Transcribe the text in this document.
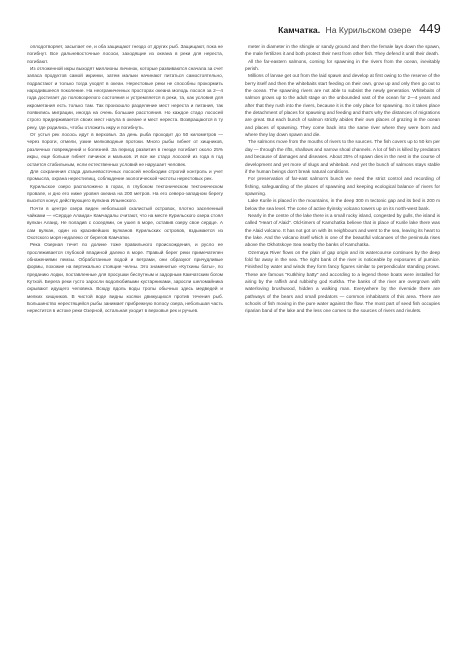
Камчатка.
На Курильском озере 449

оплодотворяет, засыпает ее, и оба защищают гнездо от других рыб. Защищают, пока не погибнут. Все дальневосточные лососи, заходящие из океана в реки для нереста, погибают.

Из отложенной икры выходят миллионы личинок, которые развиваются сначала за счет запаса продуктов самой икринки, затем мальки начинают питаться самостоятельно, подрастают и только тогда уходят в океан. Нерестовые реки не способны прокормить народившееся поколение. На неограниченных просторах океана молодь лосося за 2—4 года достигает до половозрелого состояния и устремляется в реки, та, как условия для икрометания есть только там. Так произошло разделение мест нереста и питания, так появились миграции, иногда на очень большие расстояния. Но каждое стадо лососей строго придерживается своих мест нагула в океане и мест нереста. Возвращаются в ту реку, где родились, чтобы отложить икру и погибнуть.

От устья рек лосось идут в верховья. За день рыба проходит до 50 километров — через пороги, отмели, узкие мелководные протоки. Много рыбы гибнет от хищников, различных повреждений и болезней. За период развития в гнезде погибает около 25% икры, еще больше гибнет личинок и мальков. И все же стадо лососей из года в год остается стабильным, если естественных условий не нарушает человек.

Для сохранения стада дальневосточных лососей необходим строгий контроль и учет промысла, охрана нерестилищ, соблюдение экологической чистоты нерестовых рек.

Курильское озеро расположено в горах, в глубоком тектоническом тектоническом провале, и дно его ниже уровня океана на 200 метров. На его северо-западном берегу высится конус действующего вулкана Ильинского.

Почти в центре озера виден небольшой скалистый островок, плотно заселенный чайками — «Сердце Алаида» Камчадалы считают, что на месте Курильского озера стоял вулкан Алаид. Не поладив с соседями, он ушел в море, оставив озеру свое сердце. А сам вулкан, один из красивейших вулканов Курильских островов, вздымается из Охотского моря недалеко от берегов Камчатки.

Река Озерная течет по долине тоже правильного происхождения, и русло ее прослеживается глубокой впадиной далеко в море. Правый берег реки примечателен обнажениями пемзы. Обработанные водой и ветрами, они образуют причудливые формы, похожие на вертикально стоящие челны. Это знаменитые «Кутхины баты», по преданию лодки, поставленные для просушки беспутным и задорным Камчатским богом Кутхой. Берега реки густо заросли водолюбивыми кустарниками, заросли шеломайника скрывают идущего человека. Всюду вдоль воды тропы обычных здесь медведей и мелких хищников. В чистой воде видны косяки движущихся против течения рыб. Большинство нерестящейся рыбы занимает прибрежную полосу озера, небольшая часть нерестится в истоке реки Озерной, остальная уходит в верховья рек и ручьев.

meter in diameter in the shingle or sandy ground and then the female lays down the spawn, the male fertilizes it and both protect their nest from other fish. They defend it until their death.

All the far-eastern salmons, coming for spawning in the rivers from the ocean, inevitably perish.

Millions of larvae get out from the laid spawn and develop at first owing to the reserve of the berry itself and then the whitebaits start feeding on their own, grow up and only then go out to the ocean. The spawning rivers are not able to subsist the newly generation. Whitebaits of salmon grows up to the adult stage on the unbounded vast of the ocean for 2—4 years and after that they rush into the rivers, because it is the only place for spawning. So it takes place the detachment of places for spawning and feeding and that's why the distances of migrations are great. But each bunch of salmon strictly abides their own places of grazing in the ocean and places of spawning. They come back into the same river where they were born and where they lay down spawn and die.

The salmons move from the mouths of rivers to the sources. The fish covers up to 50 km per day — through the rifts, shallows and narrow shoal channels. A lot of fish is killed by predators and because of damages and diseases. About 25% of spawn dies in the nest in the course of development and yet more of slugs and whitebait. And yet the bunch of salmons stays stable if the human beings don't break natural conditions.

For preservation of far-east salmon's bunch we need the strict control and recording of fishing, safeguarding of the places of spawning and keeping ecological balance of rivers for spawning.

Lake Kurile is placed in the mountains, in the deep 300 m tectonic gap and its bed is 200 m below the sea level. The cone of active Ilyinsky volcano towers up on its north-west bank.

Nearly in the centre of the lake there is a small rocky island, congested by gulls, the island is called "Heart of Alaid". Old-timers of Kamchatka believe that in place of Kurile lake there was the Alaid volcano. It has not got on with its neighbours and went to the sea, leaving its heart to the lake. And the volcano itself which is one of the beautiful volcanoes of the peninsula rises above the Okhotskoye Sea nearby the banks of Kamchatka.

Ozernaya River flows on the plain of gap origin and its watercourse continues by the deep fold far away in the sea. The right bank of the river is noticeable by exposures of pumice. Finished by water and winds they form fancy figures similar to perpendicular standing prows. These are famous "Kutkhiny batty" and according to a legend these boats were installed for airing by the raffish and rubbishy god Kutkha. The banks of the river are overgrown with waterloving brushwood, hidden a walking man. Everywhere by the riverside there are pathways of the bears and small predators — common inhabitants of this area. There are schools of fish moving in the pure water against the flow. The most part of seed fish occupies riparian band of the lake and the less one comes to the sources of rivers and rivulets.
